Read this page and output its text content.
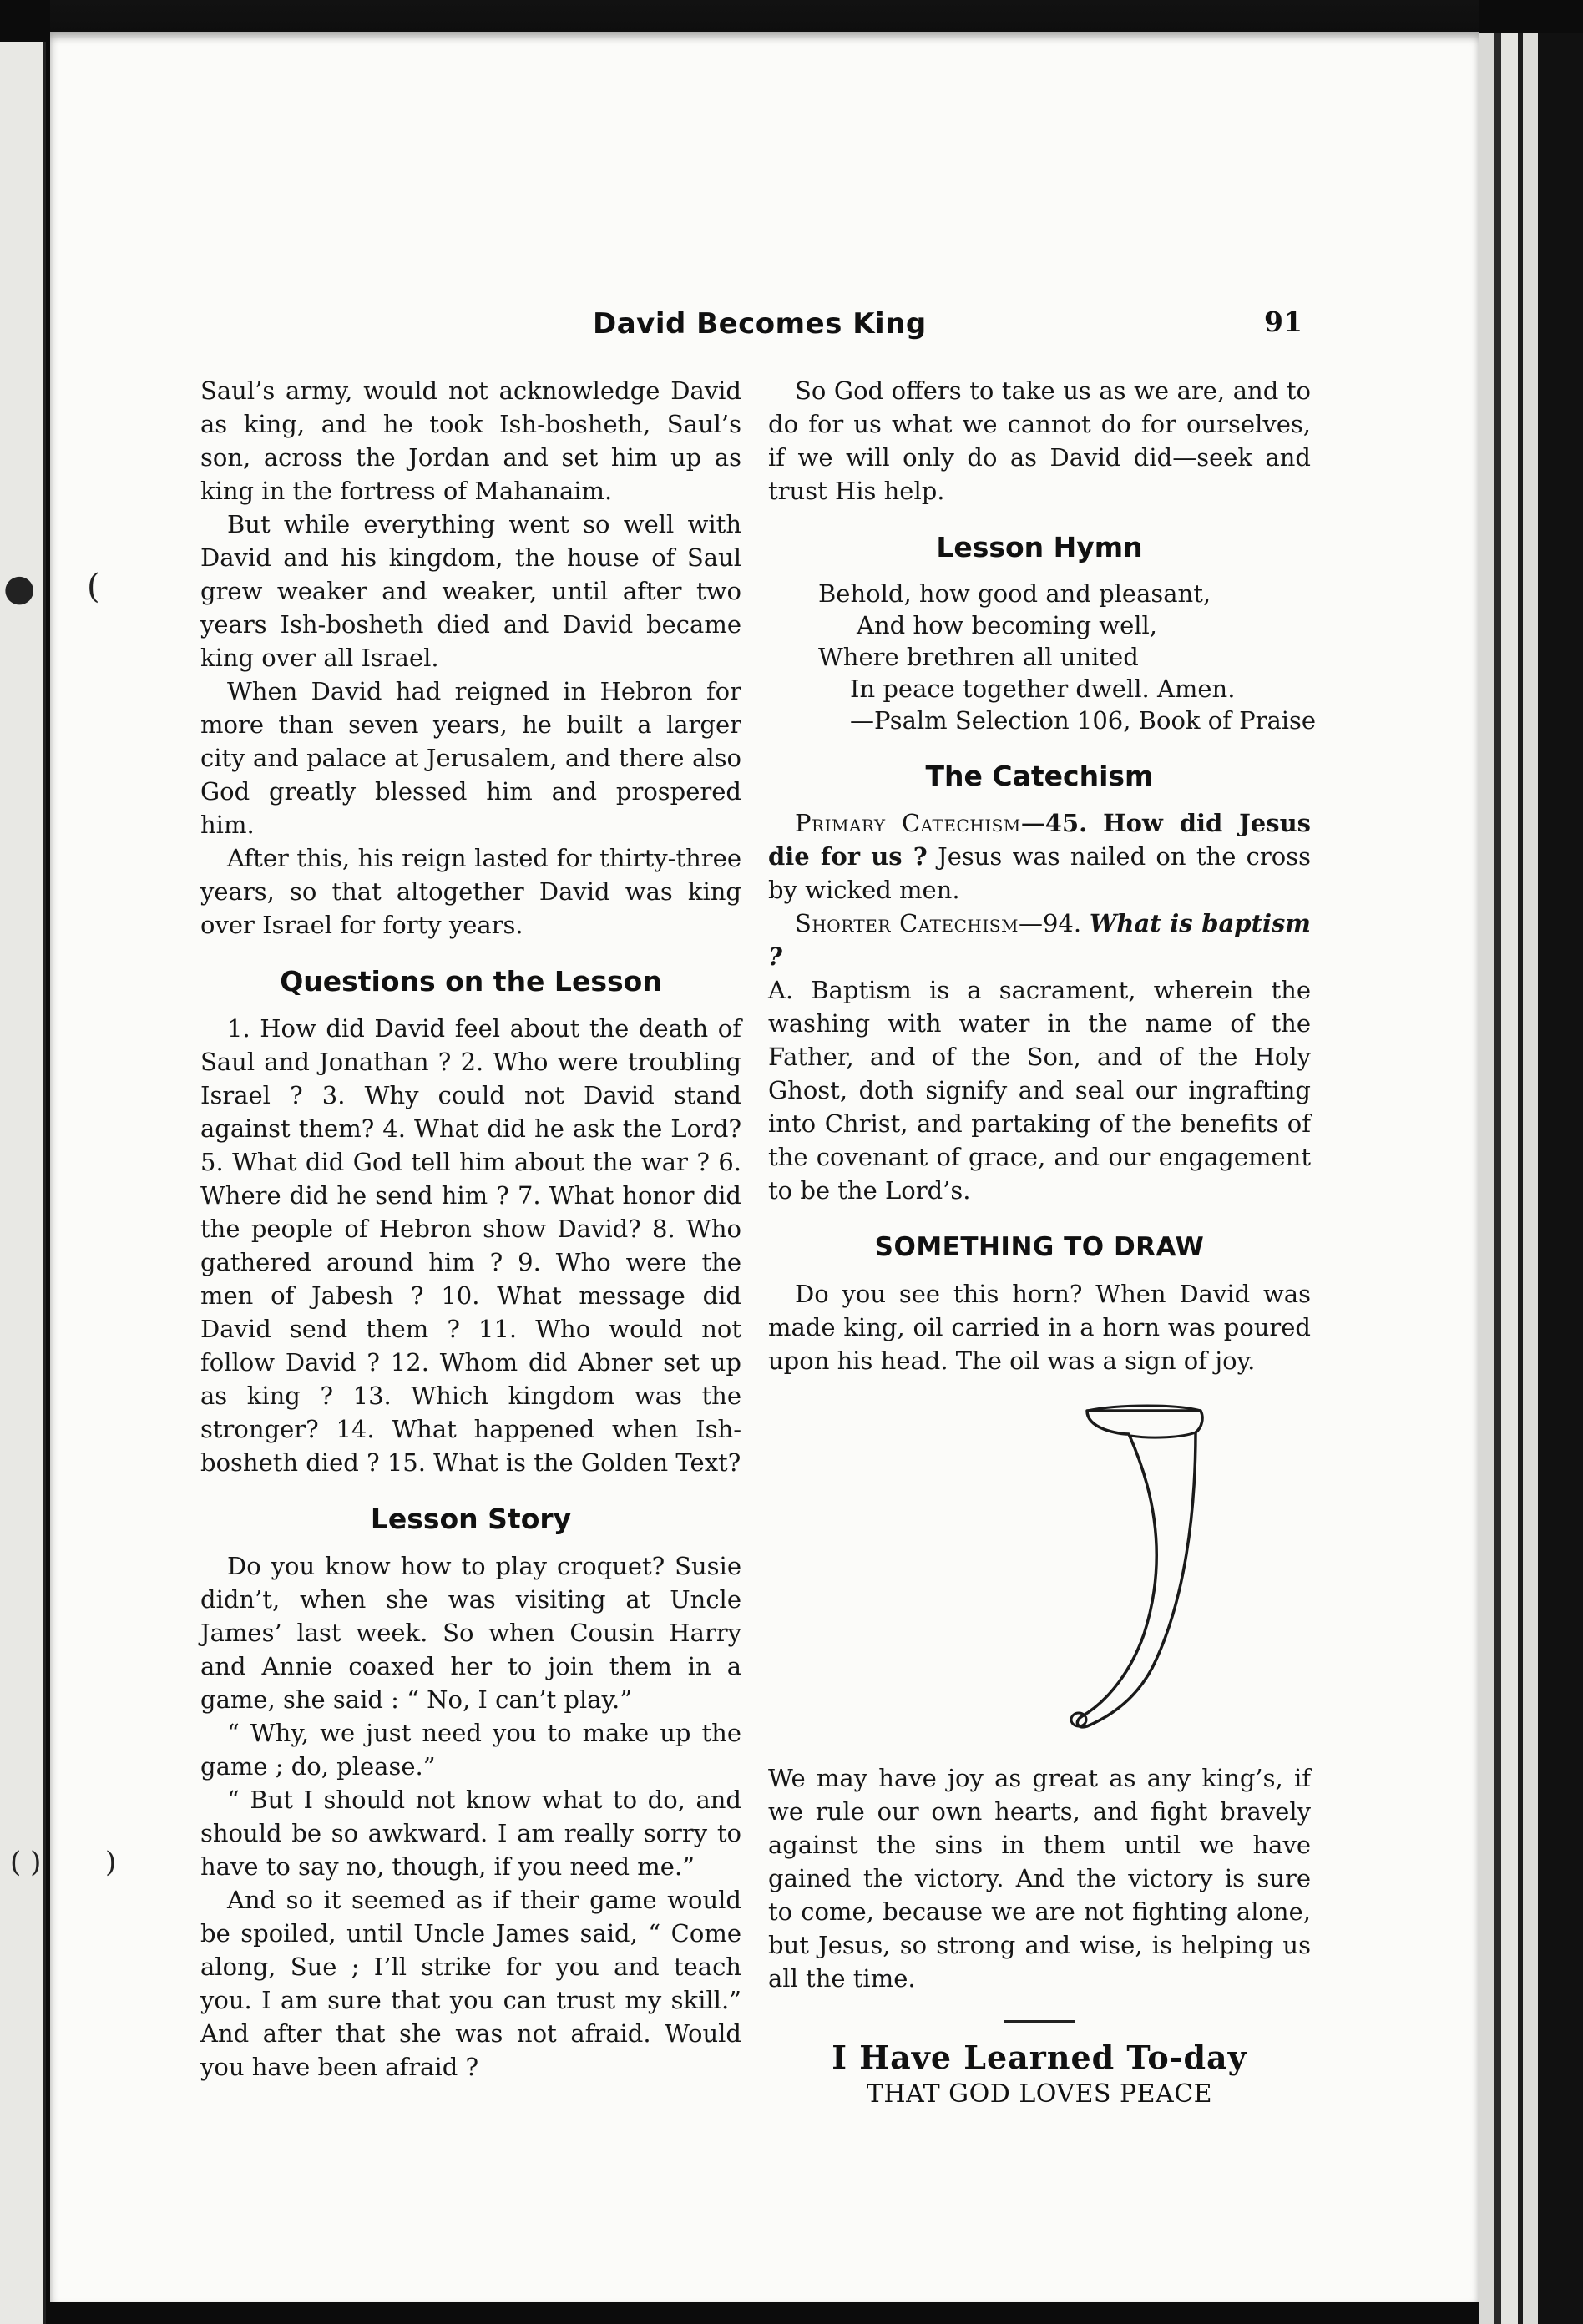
● (
( ) )
David Becomes King	91

Saul’s army, would not acknowledge David as king, and he took Ish-bosheth, Saul’s son, across the Jordan and set him up as king in the fortress of Mahanaim.

But while everything went so well with David and his kingdom, the house of Saul grew weaker and weaker, until after two years Ish-bosheth died and David became king over all Israel.

When David had reigned in Hebron for more than seven years, he built a larger city and palace at Jerusalem, and there also God greatly blessed him and prospered him.

After this, his reign lasted for thirty-three years, so that altogether David was king over Israel for forty years.

Questions on the Lesson

1. How did David feel about the death of Saul and Jonathan ? 2. Who were troubling Israel ? 3. Why could not David stand against them? 4. What did he ask the Lord? 5. What did God tell him about the war ? 6. Where did he send him ? 7. What honor did the people of Hebron show David? 8. Who gathered around him ? 9. Who were the men of Jabesh ? 10. What message did David send them ? 11. Who would not follow David ? 12. Whom did Abner set up as king ? 13. Which kingdom was the stronger? 14. What happened when Ish-bosheth died ? 15. What is the Golden Text?

Lesson Story

Do you know how to play croquet? Susie didn’t, when she was visiting at Uncle James’ last week. So when Cousin Harry and Annie coaxed her to join them in a game, she said : “ No, I can’t play.”

“ Why, we just need you to make up the game ; do, please.”

“ But I should not know what to do, and should be so awkward. I am really sorry to have to say no, though, if you need me.”

And so it seemed as if their game would be spoiled, until Uncle James said, “ Come along, Sue ; I’ll strike for you and teach you. I am sure that you can trust my skill.” And after that she was not afraid. Would you have been afraid ?

So God offers to take us as we are, and to do for us what we cannot do for ourselves, if we will only do as David did—seek and trust His help.

Lesson Hymn
Behold, how good and pleasant,
And how becoming well,
Where brethren all united
In peace together dwell. Amen.
—Psalm Selection 106, Book of Praise
The Catechism

Primary Catechism—45. How did Jesus die for us ? Jesus was nailed on the cross by wicked men.

Shorter Catechism—94. What is baptism ?

A. Baptism is a sacrament, wherein the washing with water in the name of the Father, and of the Son, and of the Holy Ghost, doth signify and seal our ingrafting into Christ, and partaking of the benefits of the covenant of grace, and our engagement to be the Lord’s.

SOMETHING TO DRAW

Do you see this horn? When David was made king, oil carried in a horn was poured upon his head. The oil was a sign of joy.

We may have joy as great as any king’s, if we rule our own hearts, and fight bravely against the sins in them until we have gained the victory. And the victory is sure to come, because we are not fighting alone, but Jesus, so strong and wise, is helping us all the time.

I Have Learned To-day
THAT GOD LOVES PEACE
